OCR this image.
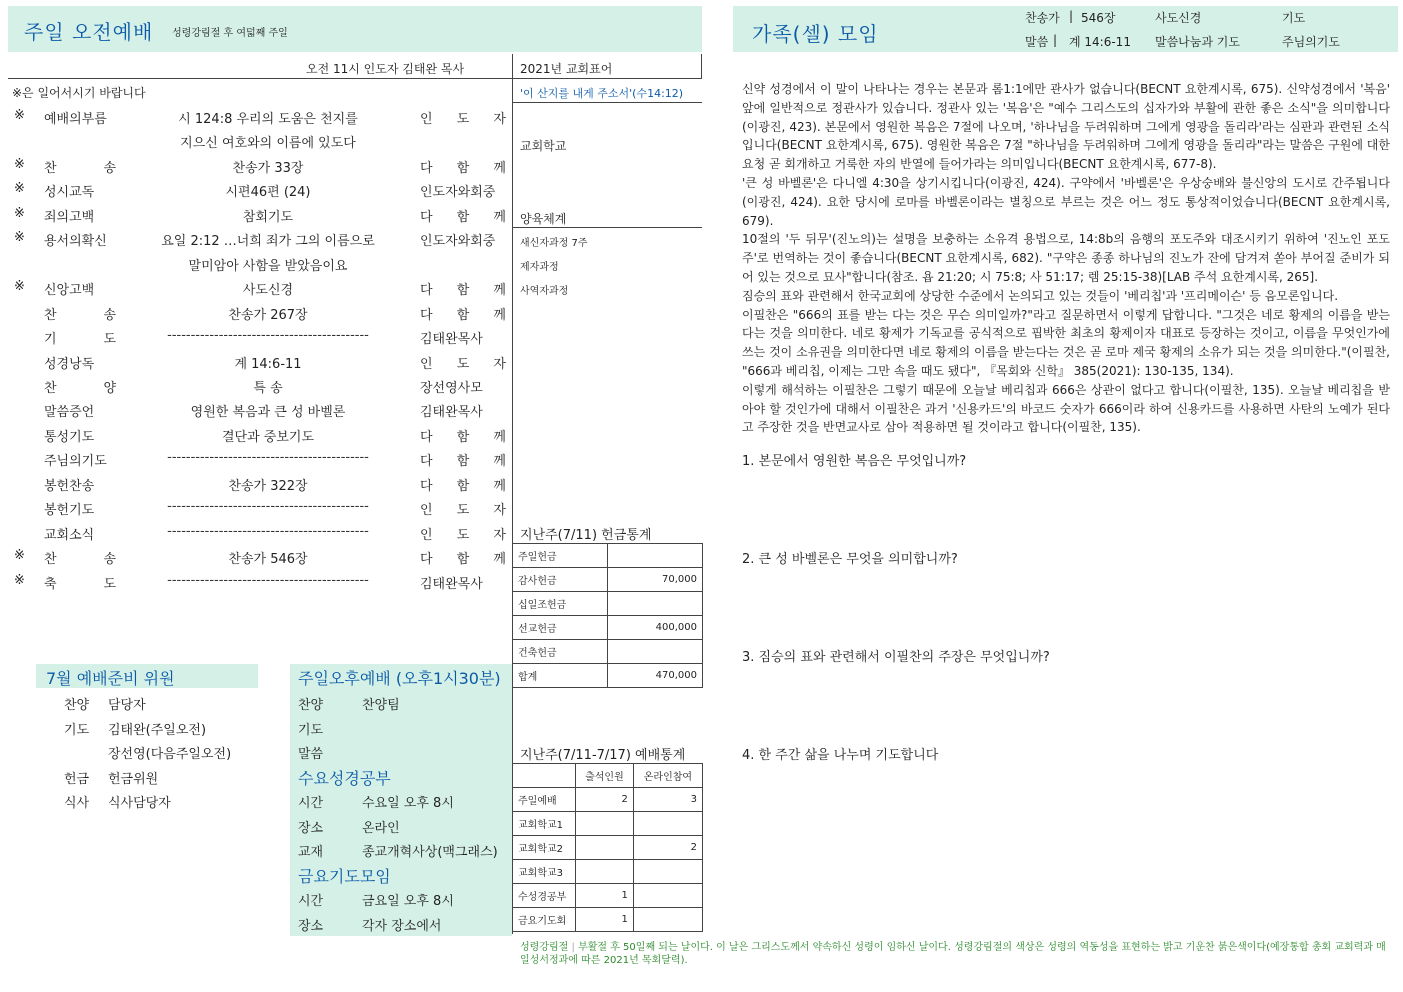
주일 오전예배 성령강림절 후 여덟째 주일	가족(셀) 모임
찬송가 | 546장	사도신경	기도
말씀 | 계 14:6-11 말씀나눔과 기도	주님의기도
오전 11시 인도자 김태완 목사
※은 일어서시기 바랍니다
※ 예배의부름	시 124:8 우리의 도움은 천지를	인 도 자
지으신 여호와의 이름에 있도다
※ 찬 송	찬송가 33장	다 함 께
※ 성시교독	시편46편 (24)	인도자와회중
※ 죄의고백	참회기도	다 함 께
※ 용서의확신	요일 2:12 …너희 죄가 그의 이름으로	인도자와회중
말미암아 사함을 받았음이요
※ 신앙고백	사도신경	다 함 께
찬 송	찬송가 267장	다 함 께
기 도	-------------------------------------------	김태완목사
성경낭독	계 14:6-11	인 도 자
찬 양	특 송	장선영사모
말씀증언	영원한 복음과 큰 성 바벨론	김태완목사
통성기도	결단과 중보기도	다 함 께
주님의기도	-------------------------------------------	다 함 께
봉헌찬송	찬송가 322장	다 함 께
봉헌기도	-------------------------------------------	인 도 자
교회소식	-------------------------------------------	인 도 자
※ 찬 송	찬송가 546장	다 함 께
※ 축 도	-------------------------------------------	김태완목사
2021년 교회표어
'이 산지를 내게 주소서'(수14:12)
교회학교
양육체계
새신자과정 7주
제자과정
사역자과정
지난주(7/11) 헌금통계
주일헌금	
감사헌금	70,000
십일조헌금	
선교헌금	400,000
건축헌금	
합계	470,000
지난주(7/11-7/17) 예배통계
	출석인원	온라인참여
주일예배	2	3
교회학교1		
교회학교2		2
교회학교3		
수성경공부	1	
금요기도회	1	
7월 예배준비 위원
찬양 담당자
기도 김태완(주일오전)
장선영(다음주일오전)
헌금 헌금위원
식사 식사담당자
주일오후예배 (오후1시30분)
찬양	찬양팀
기도
말씀
수요성경공부
시간	수요일 오후 8시
장소	온라인
교재	종교개혁사상(맥그래스)
금요기도모임
시간	금요일 오후 8시
장소	각자 장소에서
신약 성경에서 이 말이 나타나는 경우는 본문과 롬1:1에만 관사가 없습니다(BECNT 요한계시록, 675). 신약성경에서 '복음' 앞에 일반적으로 정관사가 있습니다. 정관사 있는 '복음'은 "예수 그리스도의 십자가와 부활에 관한 좋은 소식"을 의미합니다(이광진, 423). 본문에서 영원한 복음은 7절에 나오며, '하나님을 두려워하며 그에게 영광을 돌리라'라는 심판과 관련된 소식입니다(BECNT 요한계시록, 675). 영원한 복음은 7절 "하나님을 두려워하며 그에게 영광을 돌리라"라는 말씀은 구원에 대한 요청 곧 회개하고 거룩한 자의 반열에 들어가라는 의미입니다(BECNT 요한계시록, 677-8).
'큰 성 바벨론'은 다니엘 4:30을 상기시킵니다(이광진, 424). 구약에서 '바벨론'은 우상숭배와 불신앙의 도시로 간주됩니다(이광진, 424). 요한 당시에 로마를 바벨론이라는 별칭으로 부르는 것은 어느 정도 통상적이었습니다(BECNT 요한계시록, 679).
10절의 '두 뒤무'(진노의)는 설명을 보충하는 소유격 용법으로, 14:8b의 음행의 포도주와 대조시키기 위하여 '진노인 포도주'로 번역하는 것이 좋습니다(BECNT 요한계시록, 682). "구약은 종종 하나님의 진노가 잔에 담겨져 쏟아 부어질 준비가 되어 있는 것으로 묘사"합니다(참조. 욥 21:20; 시 75:8; 사 51:17; 렘 25:15-38)[LAB 주석 요한계시록, 265].
짐승의 표와 관련해서 한국교회에 상당한 수준에서 논의되고 있는 것들이 '베리칩'과 '프리메이슨' 등 음모론입니다.
이필찬은 "666의 표를 받는 다는 것은 무슨 의미일까?"라고 질문하면서 이렇게 답합니다. "그것은 네로 황제의 이름을 받는다는 것을 의미한다. 네로 황제가 기독교를 공식적으로 핍박한 최초의 황제이자 대표로 등장하는 것이고, 이름을 무엇인가에 쓰는 것이 소유권을 의미한다면 네로 황제의 이름을 받는다는 것은 곧 로마 제국 황제의 소유가 되는 것을 의미한다."(이필찬, "666과 베리칩, 이제는 그만 속을 때도 됐다", 『목회와 신학』 385(2021): 130-135, 134).
이렇게 해석하는 이필찬은 그렇기 때문에 오늘날 베리칩과 666은 상관이 없다고 합니다(이필찬, 135). 오늘날 베리칩을 받아야 할 것인가에 대해서 이필찬은 과거 '신용카드'의 바코드 숫자가 666이라 하여 신용카드를 사용하면 사탄의 노예가 된다고 주장한 것을 반면교사로 삼아 적용하면 될 것이라고 합니다(이필찬, 135).
1. 본문에서 영원한 복음은 무엇입니까?
2. 큰 성 바벨론은 무엇을 의미합니까?
3. 짐승의 표와 관련해서 이필찬의 주장은 무엇입니까?
4. 한 주간 삶을 나누며 기도합니다
성령강림절 | 부활절 후 50일째 되는 날이다. 이 날은 그리스도께서 약속하신 성령이 임하신 날이다. 성령강림절의 색상은 성령의 역동성을 표현하는 밝고 기운찬 붉은색이다(예장통합 총회 교회력과 매일성서정과에 따른 2021년 목회달력).
